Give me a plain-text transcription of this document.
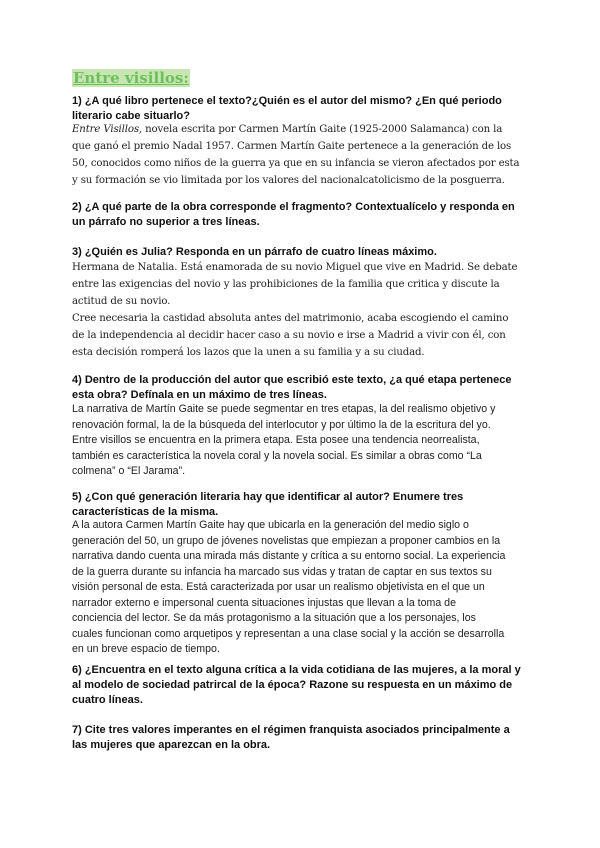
Entre visillos:
1) ¿A qué libro pertenece el texto?¿Quién es el autor del mismo? ¿En qué periodo
literario cabe situarlo?
Entre Visillos, novela escrita por Carmen Martín Gaite (1925-2000 Salamanca) con la
que ganó el premio Nadal 1957. Carmen Martín Gaite pertenece a la generación de los
50, conocidos como niños de la guerra ya que en su infancia se vieron afectados por esta
y su formación se vio limitada por los valores del nacionalcatolicismo de la posguerra.
2) ¿A qué parte de la obra corresponde el fragmento? Contextualícelo y responda en
un párrafo no superior a tres líneas.
3) ¿Quién es Julia? Responda en un párrafo de cuatro líneas máximo.
Hermana de Natalia. Está enamorada de su novio Miguel que vive en Madrid. Se debate
entre las exigencias del novio y las prohibiciones de la familia que critica y discute la
actitud de su novio.
Cree necesaria la castidad absoluta antes del matrimonio, acaba escogiendo el camino
de la independencia al decidir hacer caso a su novio e irse a Madrid a vivir con él, con
esta decisión romperá los lazos que la unen a su familia y a su ciudad.
4) Dentro de la producción del autor que escribió este texto, ¿a qué etapa pertenece
esta obra? Defínala en un máximo de tres líneas.
La narrativa de Martín Gaite se puede segmentar en tres etapas, la del realismo objetivo y
renovación formal, la de la búsqueda del interlocutor y por último la de la escritura del yo.
Entre visillos se encuentra en la primera etapa. Esta posee una tendencia neorrealista,
también es característica la novela coral y la novela social. Es similar a obras como “La
colmena” o “El Jarama”.
5) ¿Con qué generación literaria hay que identificar al autor? Enumere tres
características de la misma.
A la autora Carmen Martín Gaite hay que ubicarla en la generación del medio siglo o
generación del 50, un grupo de jóvenes novelistas que empiezan a proponer cambios en la
narrativa dando cuenta una mirada más distante y crítica a su entorno social. La experiencia
de la guerra durante su infancia ha marcado sus vidas y tratan de captar en sus textos su
visión personal de esta. Está caracterizada por usar un realismo objetivista en el que un
narrador externo e impersonal cuenta situaciones injustas que llevan a la toma de
conciencia del lector. Se da más protagonismo a la situación que a los personajes, los
cuales funcionan como arquetipos y representan a una clase social y la acción se desarrolla
en un breve espacio de tiempo.
6) ¿Encuentra en el texto alguna crítica a la vida cotidiana de las mujeres, a la moral y
al modelo de sociedad patrircal de la época? Razone su respuesta en un máximo de
cuatro líneas.
7) Cite tres valores imperantes en el régimen franquista asociados principalmente a
las mujeres que aparezcan en la obra.
